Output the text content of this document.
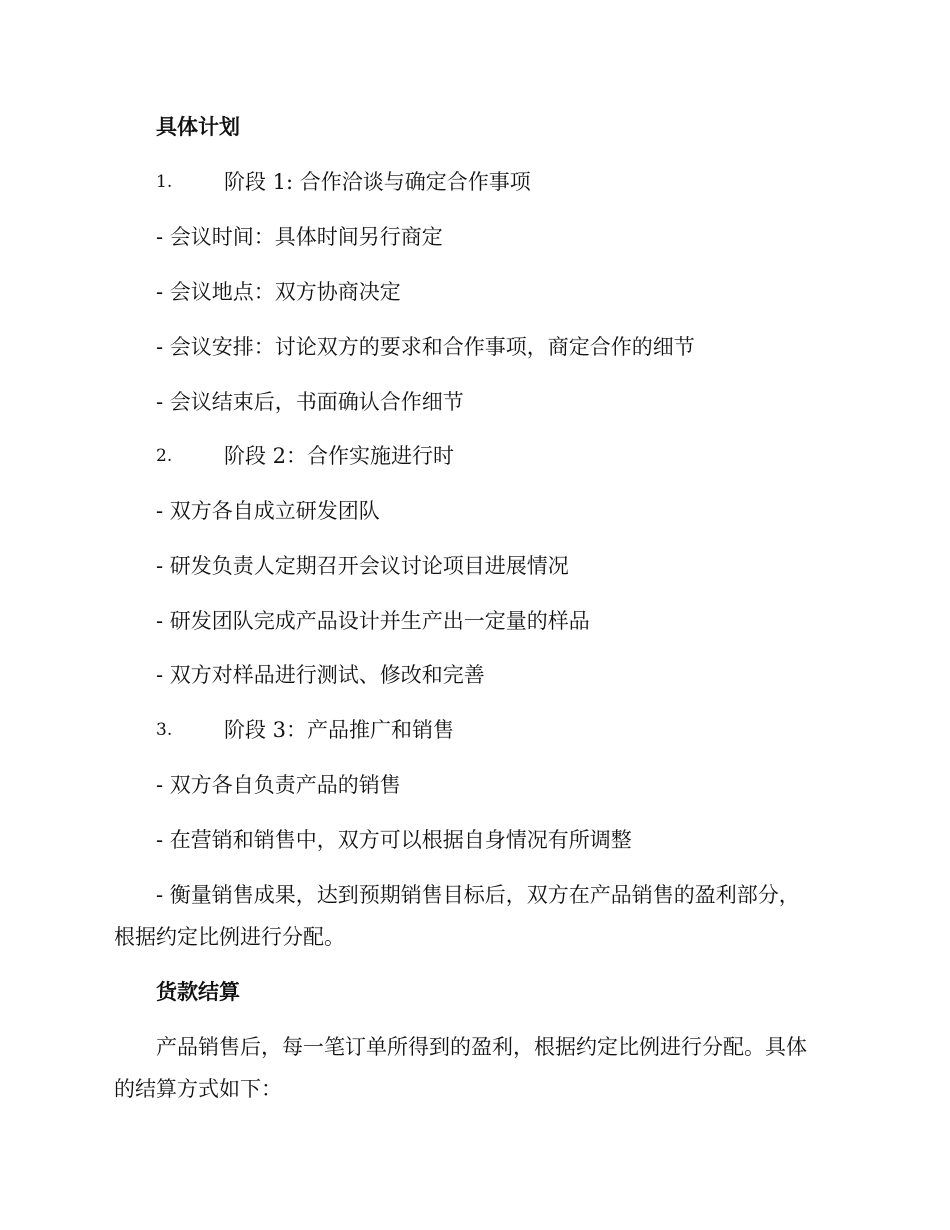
具体计划
1. 阶段 1: 合作洽谈与确定合作事项
- 会议时间：具体时间另行商定
- 会议地点：双方协商决定
- 会议安排：讨论双方的要求和合作事项，商定合作的细节
- 会议结束后，书面确认合作细节
2. 阶段 2：合作实施进行时
- 双方各自成立研发团队
- 研发负责人定期召开会议讨论项目进展情况
- 研发团队完成产品设计并生产出一定量的样品
- 双方对样品进行测试、修改和完善
3. 阶段 3：产品推广和销售
- 双方各自负责产品的销售
- 在营销和销售中，双方可以根据自身情况有所调整
- 衡量销售成果，达到预期销售目标后，双方在产品销售的盈利部分，
根据约定比例进行分配。
货款结算
产品销售后，每一笔订单所得到的盈利，根据约定比例进行分配。具体
的结算方式如下：
